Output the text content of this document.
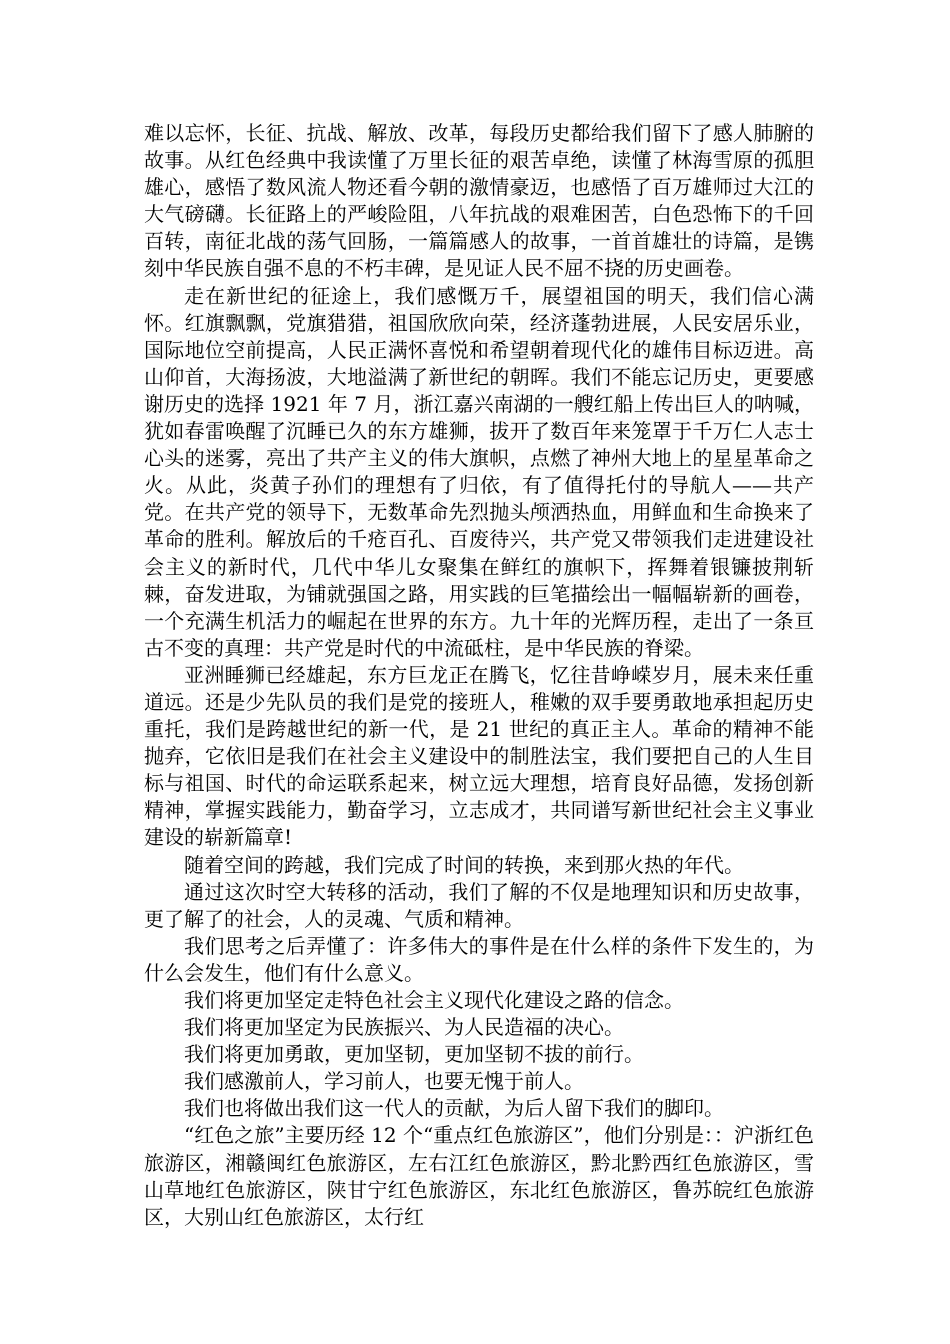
难以忘怀，长征、抗战、解放、改革，每段历史都给我们留下了感人肺腑的故事。从红色经典中我读懂了万里长征的艰苦卓绝，读懂了林海雪原的孤胆雄心，感悟了数风流人物还看今朝的激情豪迈，也感悟了百万雄师过大江的大气磅礴。长征路上的严峻险阻，八年抗战的艰难困苦，白色恐怖下的千回百转，南征北战的荡气回肠，一篇篇感人的故事，一首首雄壮的诗篇，是镌刻中华民族自强不息的不朽丰碑，是见证人民不屈不挠的历史画卷。

走在新世纪的征途上，我们感慨万千，展望祖国的明天，我们信心满怀。红旗飘飘，党旗猎猎，祖国欣欣向荣，经济蓬勃进展，人民安居乐业，国际地位空前提高，人民正满怀喜悦和希望朝着现代化的雄伟目标迈进。高山仰首，大海扬波，大地溢满了新世纪的朝晖。我们不能忘记历史，更要感谢历史的选择 1921 年 7 月，浙江嘉兴南湖的一艘红船上传出巨人的呐喊，犹如春雷唤醒了沉睡已久的东方雄狮，拔开了数百年来笼罩于千万仁人志士心头的迷雾，亮出了共产主义的伟大旗帜，点燃了神州大地上的星星革命之火。从此，炎黄子孙们的理想有了归依，有了值得托付的导航人——共产党。在共产党的领导下，无数革命先烈抛头颅洒热血，用鲜血和生命换来了革命的胜利。解放后的千疮百孔、百废待兴，共产党又带领我们走进建设社会主义的新时代，几代中华儿女聚集在鲜红的旗帜下，挥舞着银镰披荆斩棘，奋发进取，为铺就强国之路，用实践的巨笔描绘出一幅幅崭新的画卷，一个充满生机活力的崛起在世界的东方。九十年的光辉历程，走出了一条亘古不变的真理：共产党是时代的中流砥柱，是中华民族的脊梁。

亚洲睡狮已经雄起，东方巨龙正在腾飞，忆往昔峥嵘岁月，展未来任重道远。还是少先队员的我们是党的接班人，稚嫩的双手要勇敢地承担起历史重托，我们是跨越世纪的新一代，是 21 世纪的真正主人。革命的精神不能抛弃，它依旧是我们在社会主义建设中的制胜法宝，我们要把自己的人生目标与祖国、时代的命运联系起来，树立远大理想，培育良好品德，发扬创新精神，掌握实践能力，勤奋学习，立志成才，共同谱写新世纪社会主义事业建设的崭新篇章!

随着空间的跨越，我们完成了时间的转换，来到那火热的年代。

通过这次时空大转移的活动，我们了解的不仅是地理知识和历史故事，更了解了的社会，人的灵魂、气质和精神。

我们思考之后弄懂了：许多伟大的事件是在什么样的条件下发生的，为什么会发生，他们有什么意义。

我们将更加坚定走特色社会主义现代化建设之路的信念。

我们将更加坚定为民族振兴、为人民造福的决心。

我们将更加勇敢，更加坚韧，更加坚韧不拔的前行。

我们感激前人，学习前人，也要无愧于前人。

我们也将做出我们这一代人的贡献，为后人留下我们的脚印。

“红色之旅”主要历经 12 个“重点红色旅游区”，他们分别是：：沪浙红色旅游区，湘赣闽红色旅游区，左右江红色旅游区，黔北黔西红色旅游区，雪山草地红色旅游区，陕甘宁红色旅游区，东北红色旅游区，鲁苏皖红色旅游区，大别山红色旅游区，太行红
